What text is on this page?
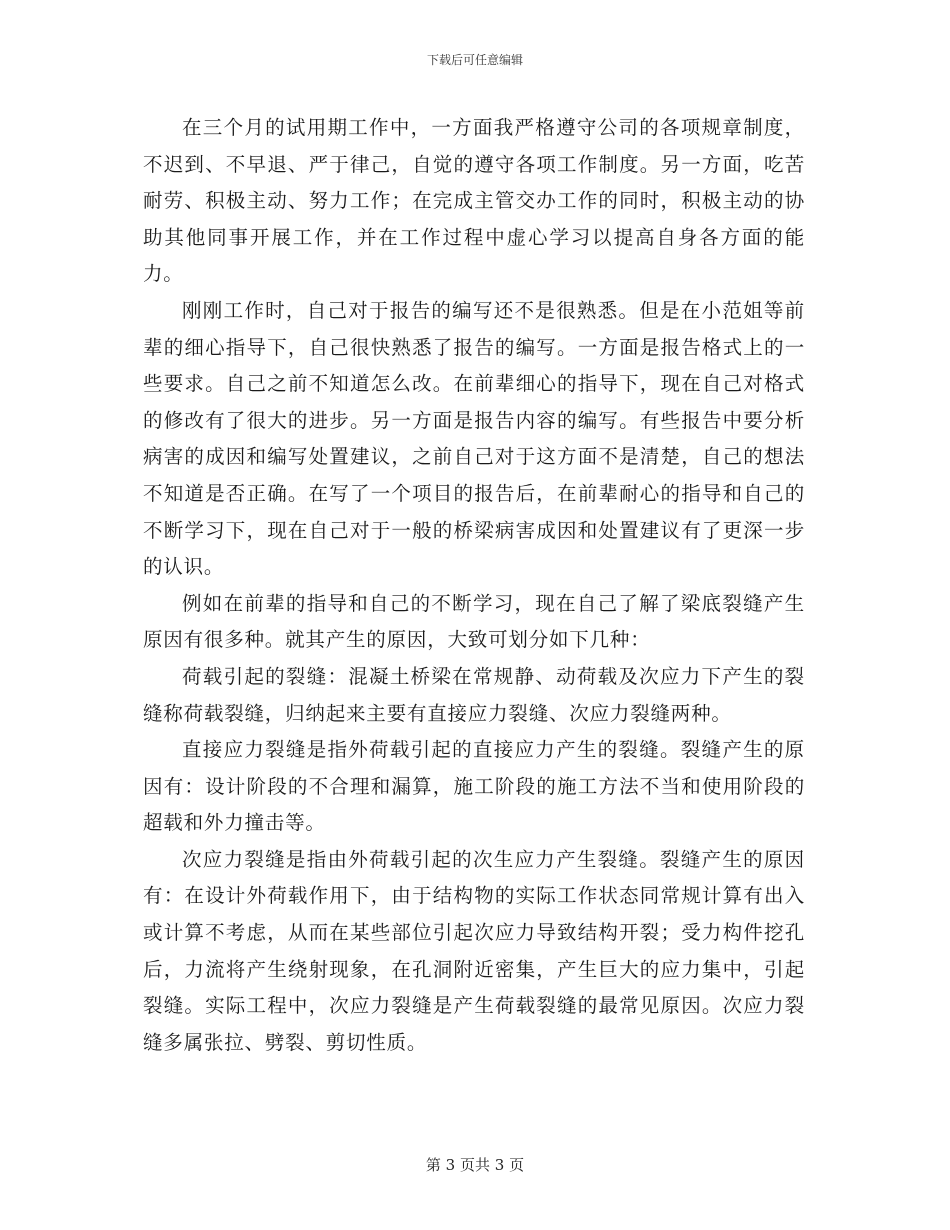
下载后可任意编辑

在三个月的试用期工作中，一方面我严格遵守公司的各项规章制度，不迟到、不早退、严于律己，自觉的遵守各项工作制度。另一方面，吃苦耐劳、积极主动、努力工作；在完成主管交办工作的同时，积极主动的协助其他同事开展工作，并在工作过程中虚心学习以提高自身各方面的能力。

刚刚工作时，自己对于报告的编写还不是很熟悉。但是在小范姐等前辈的细心指导下，自己很快熟悉了报告的编写。一方面是报告格式上的一些要求。自己之前不知道怎么改。在前辈细心的指导下，现在自己对格式的修改有了很大的进步。另一方面是报告内容的编写。有些报告中要分析病害的成因和编写处置建议，之前自己对于这方面不是清楚，自己的想法不知道是否正确。在写了一个项目的报告后，在前辈耐心的指导和自己的不断学习下，现在自己对于一般的桥梁病害成因和处置建议有了更深一步的认识。

例如在前辈的指导和自己的不断学习，现在自己了解了梁底裂缝产生原因有很多种。就其产生的原因，大致可划分如下几种：

荷载引起的裂缝：混凝土桥梁在常规静、动荷载及次应力下产生的裂缝称荷载裂缝，归纳起来主要有直接应力裂缝、次应力裂缝两种。

直接应力裂缝是指外荷载引起的直接应力产生的裂缝。裂缝产生的原因有：设计阶段的不合理和漏算，施工阶段的施工方法不当和使用阶段的超载和外力撞击等。

次应力裂缝是指由外荷载引起的次生应力产生裂缝。裂缝产生的原因有：在设计外荷载作用下，由于结构物的实际工作状态同常规计算有出入或计算不考虑，从而在某些部位引起次应力导致结构开裂；受力构件挖孔后，力流将产生绕射现象，在孔洞附近密集，产生巨大的应力集中，引起裂缝。实际工程中，次应力裂缝是产生荷载裂缝的最常见原因。次应力裂缝多属张拉、劈裂、剪切性质。

第 3 页共 3 页
